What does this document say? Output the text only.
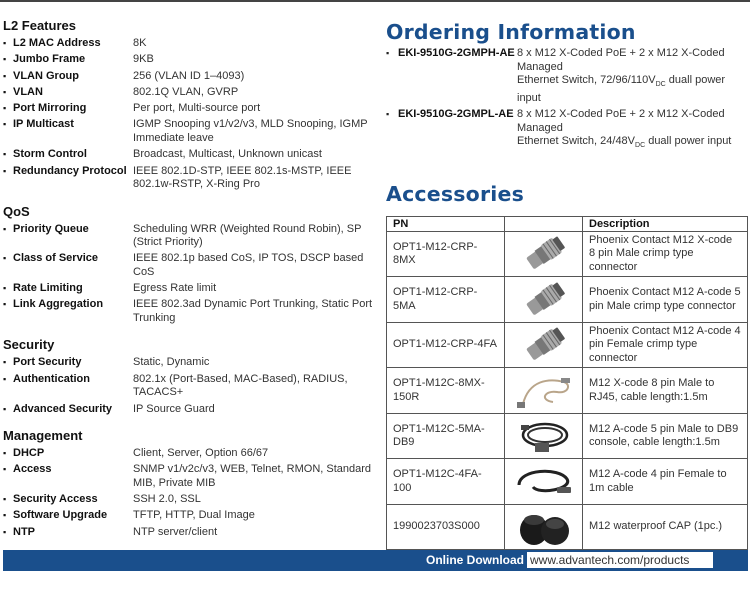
L2 Features
▪ L2 MAC Address	8K
▪ Jumbo Frame	9KB
▪ VLAN Group	256 (VLAN ID 1–4093)
▪ VLAN	802.1Q VLAN, GVRP
▪ Port Mirroring	Per port, Multi-source port
▪ IP Multicast	IGMP Snooping v1/v2/v3, MLD Snooping, IGMP Immediate leave
▪ Storm Control	Broadcast, Multicast, Unknown unicast
▪ Redundancy Protocol IEEE 802.1D-STP, IEEE 802.1s-MSTP, IEEE 802.1w-RSTP, X-Ring Pro
QoS
▪ Priority Queue	Scheduling WRR (Weighted Round Robin), SP (Strict Priority)
▪ Class of Service	IEEE 802.1p based CoS, IP TOS, DSCP based CoS
▪ Rate Limiting	Egress Rate limit
▪ Link Aggregation	IEEE 802.3ad Dynamic Port Trunking, Static Port Trunking
Security
▪ Port Security	Static, Dynamic
▪ Authentication	802.1x (Port-Based, MAC-Based), RADIUS, TACACS+
▪ Advanced Security	IP Source Guard
Management
▪ DHCP	Client, Server, Option 66/67
▪ Access	SNMP v1/v2c/v3, WEB, Telnet, RMON, Standard MIB, Private MIB
▪ Security Access	SSH 2.0, SSL
▪ Software Upgrade	TFTP, HTTP, Dual Image
▪ NTP	NTP server/client
Ordering Information
▪ EKI-9510G-2GMPH-AE 8 x M12 X-Coded PoE + 2 x M12 X-Coded Managed
Ethernet Switch, $72/96/110V_{DC}$ duall power input
▪ EKI-9510G-2GMPL-AE 8 x M12 X-Coded PoE + 2 x M12 X-Coded Managed
Ethernet Switch, $24/48V_{DC}$ duall power input
Accessories
PN		Description
OPT1-M12-CRP-8MX		Phoenix Contact M12 X-code 8 pin Male crimp type connector
OPT1-M12-CRP-5MA		Phoenix Contact M12 A-code 5 pin Male crimp type connector
OPT1-M12-CRP-4FA		Phoenix Contact M12 A-code 4 pin Female crimp type connector
OPT1-M12C-8MX-150R		M12 X-code 8 pin Male to RJ45, cable length:1.5m
OPT1-M12C-5MA-DB9		M12 A-code 5 pin Male to DB9 console, cable length:1.5m
OPT1-M12C-4FA-100		M12 A-code 4 pin Female to 1m cable
1990023703S000		M12 waterproof CAP (1pc.)
Online Download www.advantech.com/products
